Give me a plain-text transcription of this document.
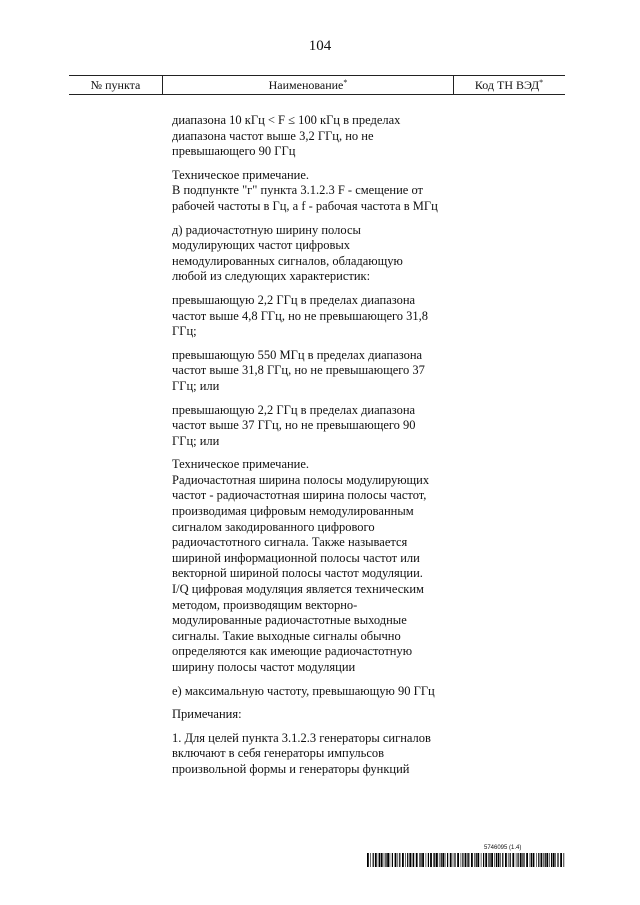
104
№ пункта	Наименование*	Код ТН ВЭД*

диапазона 10 кГц < F ≤ 100 кГц в пределах диапазона частот выше 3,2 ГГц, но не превышающего 90 ГГц

Техническое примечание.

В подпункте "г" пункта 3.1.2.3 F - смещение от рабочей частоты в Гц, а f - рабочая частота в МГц

д) радиочастотную ширину полосы модулирующих частот цифровых немодулированных сигналов, обладающую любой из следующих характеристик:

превышающую 2,2 ГГц в пределах диапазона частот выше 4,8 ГГц, но не превышающего 31,8 ГГц;

превышающую 550 МГц в пределах диапазона частот выше 31,8 ГГц, но не превышающего 37 ГГц; или

превышающую 2,2 ГГц в пределах диапазона частот выше 37 ГГц, но не превышающего 90 ГГц; или

Техническое примечание.

Радиочастотная ширина полосы модулирующих частот - радиочастотная ширина полосы частот, производимая цифровым немодулированным сигналом закодированного цифрового радиочастотного сигнала. Также называется шириной информационной полосы частот или векторной шириной полосы частот модуляции. I/Q цифровая модуляция является техническим методом, производящим векторно-модулированные радиочастотные выходные сигналы. Такие выходные сигналы обычно определяются как имеющие радиочастотную ширину полосы частот модуляции

е) максимальную частоту, превышающую 90 ГГц

Примечания:

1. Для целей пункта 3.1.2.3 генераторы сигналов включают в себя генераторы импульсов произвольной формы и генераторы функций

5746095 (1.4)
